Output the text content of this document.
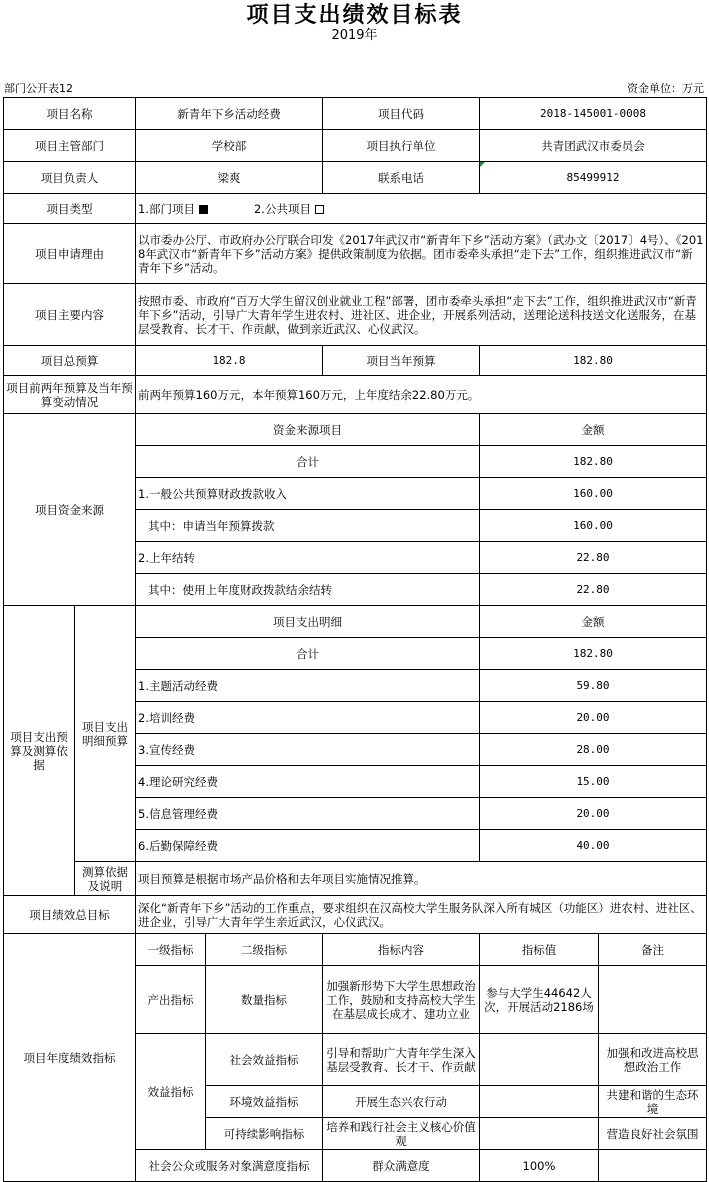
项目支出绩效目标表
2019年
部门公开表12	资金单位：万元
项目名称		新青年下乡活动经费		项目代码	2018-145001-0008	
项目主管部门		学校部		项目执行单位	共青团武汉市委员会	
项目负责人		梁爽		联系电话	85499912	
项目类型		1.部门项目 2.公共项目				
项目申请理由		以市委办公厅、市政府办公厅联合印发《2017年武汉市“新青年下乡”活动方案》（武办文〔2017〕4号）、《2018年武汉市“新青年下乡”活动方案》提供政策制度为依据。团市委牵头承担“走下去”工作，组织推进武汉市“新青年下乡”活动。				
项目主要内容		按照市委、市政府“百万大学生留汉创业就业工程”部署，团市委牵头承担“走下去”工作，组织推进武汉市“新青年下乡”活动，引导广大青年学生进农村、进社区、进企业，开展系列活动，送理论送科技送文化送服务，在基层受教育、长才干、作贡献，做到亲近武汉、心仪武汉。				
项目总预算		182.8		项目当年预算	182.80	
项目前两年预算及当年预算变动情况		前两年预算160万元，本年预算160万元，上年度结余22.80万元。				
项目资金来源		资金来源项目			金额	
		合计			182.80	
		1.一般公共预算财政拨款收入			160.00	
		其中：申请当年预算拨款			160.00	
		2.上年结转			22.80	
		其中：使用上年度财政拨款结余结转			22.80	
项目支出预算及测算依据	项目支出明细预算	项目支出明细			金额	
		合计			182.80	
		1.主题活动经费			59.80	
		2.培训经费			20.00	
		3.宣传经费			28.00	
		4.理论研究经费			15.00	
		5.信息管理经费			20.00	
		6.后勤保障经费			40.00	
	测算依据及说明	项目预算是根据市场产品价格和去年项目实施情况推算。				
项目绩效总目标		深化“新青年下乡”活动的工作重点，要求组织在汉高校大学生服务队深入所有城区（功能区）进农村、进社区、进企业，引导广大青年学生亲近武汉，心仪武汉。				
项目年度绩效指标		一级指标	二级指标	指标内容	指标值	备注
		产出指标	数量指标	加强新形势下大学生思想政治工作，鼓励和支持高校大学生在基层成长成才、建功立业	参与大学生44642人次，开展活动2186场	
		效益指标	社会效益指标	引导和帮助广大青年学生深入基层受教育、长才干、作贡献		加强和改进高校思想政治工作
			环境效益指标	开展生态兴农行动		共建和谐的生态环境
			可持续影响指标	培养和践行社会主义核心价值观		营造良好社会氛围
		社会公众或服务对象满意度指标		群众满意度	100%	
